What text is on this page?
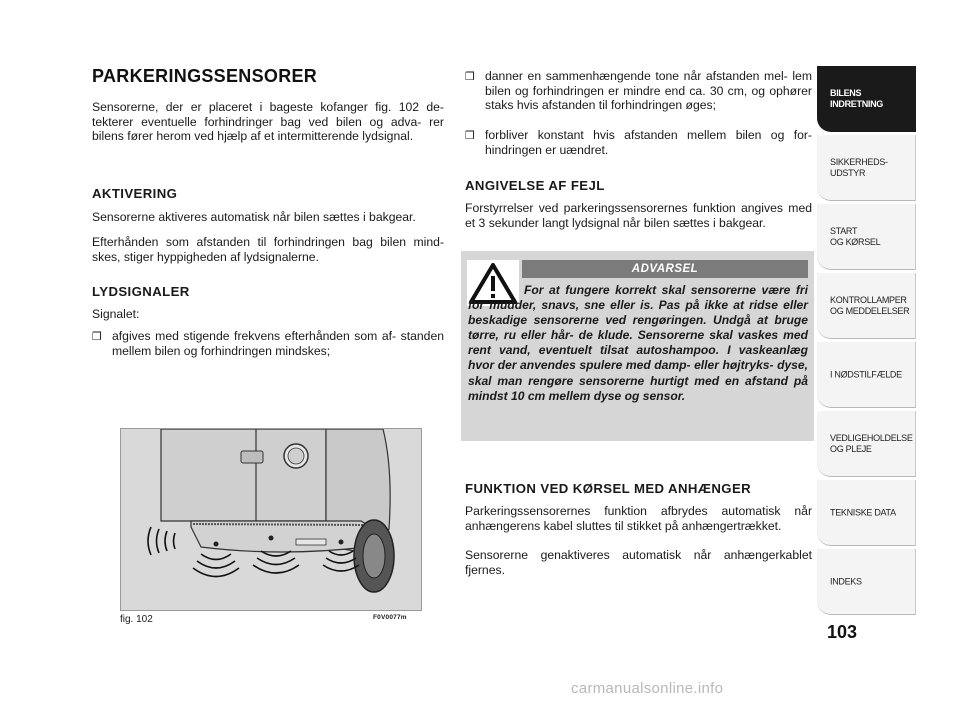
PARKERINGSSENSORER

Sensorerne, der er placeret i bageste kofanger fig. 102 de- tekterer eventuelle forhindringer bag ved bilen og adva- rer bilens fører herom ved hjælp af et intermitterende lydsignal.

AKTIVERING

Sensorerne aktiveres automatisk når bilen sættes i bakgear.

Efterhånden som afstanden til forhindringen bag bilen mind- skes, stiger hyppigheden af lydsignalerne.

LYDSIGNALER

Signalet:

❒ afgives med stigende frekvens efterhånden som af- standen mellem bilen og forhindringen mindskes;
fig. 102	F0V0077m
❒ danner en sammenhængende tone når afstanden mel- lem bilen og forhindringen er mindre end ca. 30 cm, og ophører staks hvis afstanden til forhindringen øges;
❒ forbliver konstant hvis afstanden mellem bilen og for- hindringen er uændret.
ANGIVELSE AF FEJL

Forstyrrelser ved parkeringssensorernes funktion angives med et 3 sekunder langt lydsignal når bilen sættes i bakgear.

ADVARSEL

For at fungere korrekt skal sensorerne være fri for mudder, snavs, sne eller is. Pas på ikke at ridse eller beskadige sensorerne ved rengøringen. Undgå at bruge tørre, ru eller hår- de klude. Sensorerne skal vaskes med rent vand, eventuelt tilsat autoshampoo. I vaskeanlæg hvor der anvendes spulere med damp- eller højtryks- dyse, skal man rengøre sensorerne hurtigt med en afstand på mindst 10 cm mellem dyse og sensor.

FUNKTION VED KØRSEL MED ANHÆNGER

Parkeringssensorernes funktion afbrydes automatisk når anhængerens kabel sluttes til stikket på anhængertrækket.

Sensorerne genaktiveres automatisk når anhængerkablet fjernes.

BILENS
INDRETNING
SIKKERHEDS-
UDSTYR
START
OG KØRSEL
KONTROLLAMPER
OG MEDDELELSER
I NØDSTILFÆLDE
VEDLIGEHOLDELSE
OG PLEJE
TEKNISKE DATA
INDEKS
103
carmanualsonline.info
